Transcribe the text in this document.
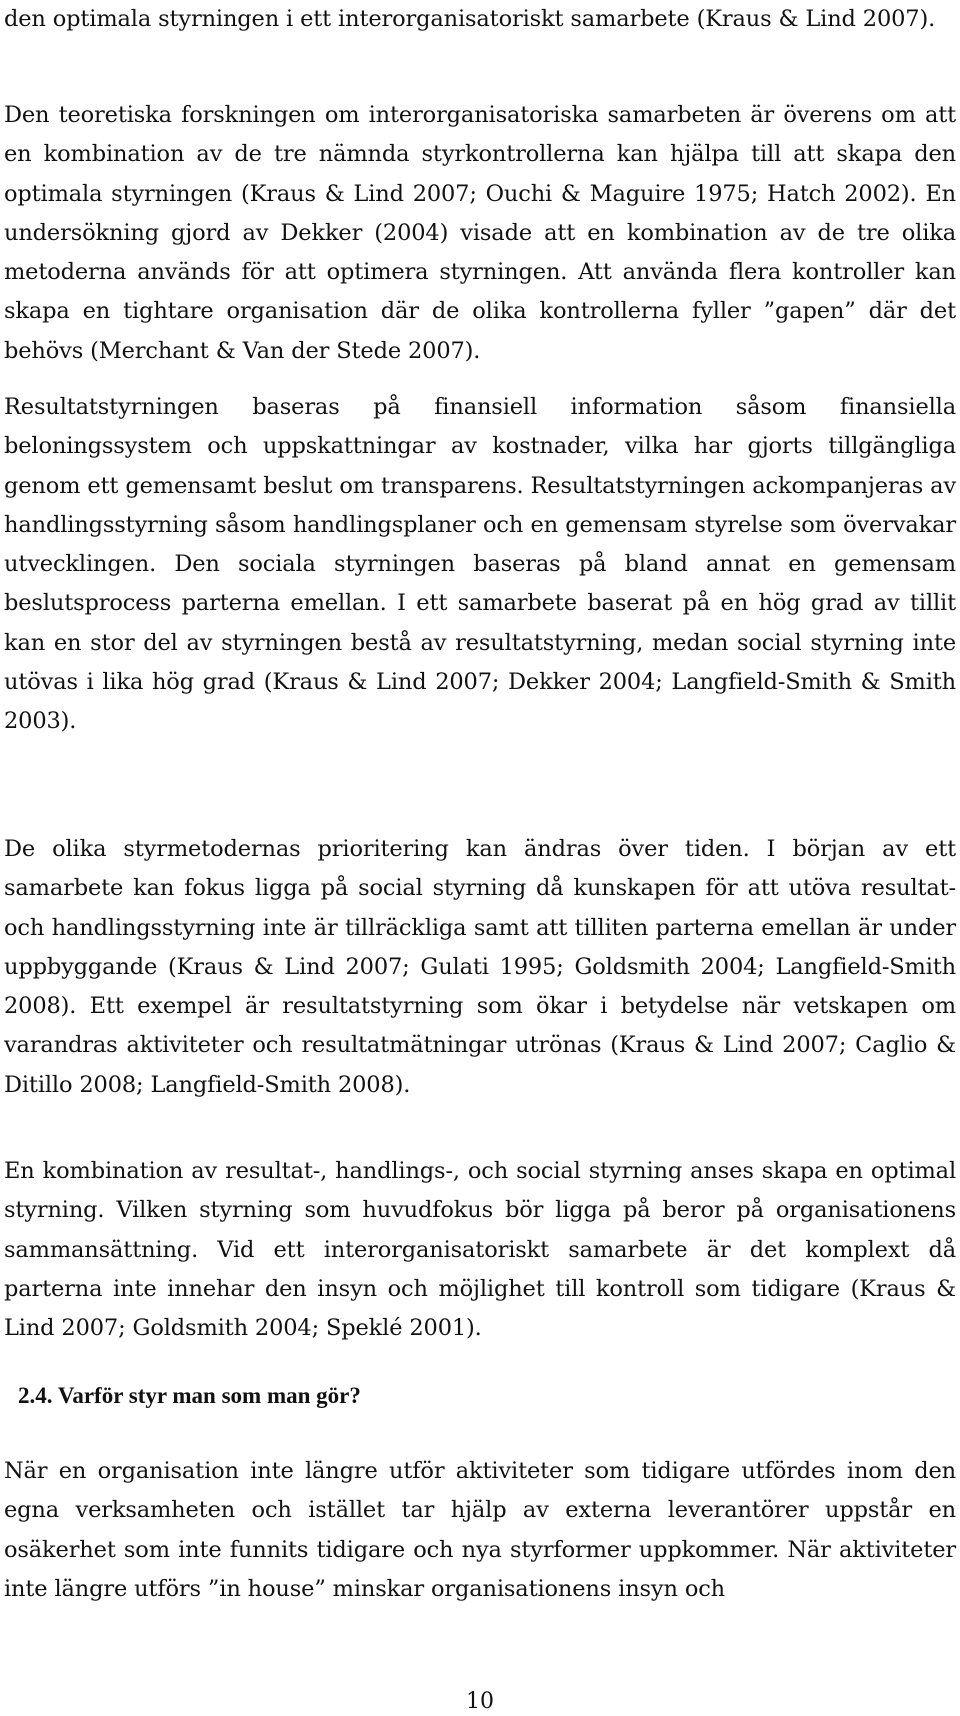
den optimala styrningen i ett interorganisatoriskt samarbete (Kraus & Lind 2007).

Den teoretiska forskningen om interorganisatoriska samarbeten är överens om att en kombination av de tre nämnda styrkontrollerna kan hjälpa till att skapa den optimala styrningen (Kraus & Lind 2007; Ouchi & Maguire 1975; Hatch 2002). En undersökning gjord av Dekker (2004) visade att en kombination av de tre olika metoderna används för att optimera styrningen. Att använda flera kontroller kan skapa en tightare organisation där de olika kontrollerna fyller ”gapen” där det behövs (Merchant & Van der Stede 2007).

Resultatstyrningen baseras på finansiell information såsom finansiella beloningssystem och uppskattningar av kostnader, vilka har gjorts tillgängliga genom ett gemensamt beslut om transparens. Resultatstyrningen ackompanjeras av handlingsstyrning såsom handlingsplaner och en gemensam styrelse som övervakar utvecklingen. Den sociala styrningen baseras på bland annat en gemensam beslutsprocess parterna emellan. I ett samarbete baserat på en hög grad av tillit kan en stor del av styrningen bestå av resultatstyrning, medan social styrning inte utövas i lika hög grad (Kraus & Lind 2007; Dekker 2004; Langfield-Smith & Smith 2003).

De olika styrmetodernas prioritering kan ändras över tiden. I början av ett samarbete kan fokus ligga på social styrning då kunskapen för att utöva resultat- och handlingsstyrning inte är tillräckliga samt att tilliten parterna emellan är under uppbyggande (Kraus & Lind 2007; Gulati 1995; Goldsmith 2004; Langfield-Smith 2008). Ett exempel är resultatstyrning som ökar i betydelse när vetskapen om varandras aktiviteter och resultatmätningar utrönas (Kraus & Lind 2007; Caglio & Ditillo 2008; Langfield-Smith 2008).

En kombination av resultat-, handlings-, och social styrning anses skapa en optimal styrning. Vilken styrning som huvudfokus bör ligga på beror på organisationens sammansättning. Vid ett interorganisatoriskt samarbete är det komplext då parterna inte innehar den insyn och möjlighet till kontroll som tidigare (Kraus & Lind 2007; Goldsmith 2004; Speklé 2001).

2.4. Varför styr man som man gör?

När en organisation inte längre utför aktiviteter som tidigare utfördes inom den egna verksamheten och istället tar hjälp av externa leverantörer uppstår en osäkerhet som inte funnits tidigare och nya styrformer uppkommer. När aktiviteter inte längre utförs ”in house” minskar organisationens insyn och

10
